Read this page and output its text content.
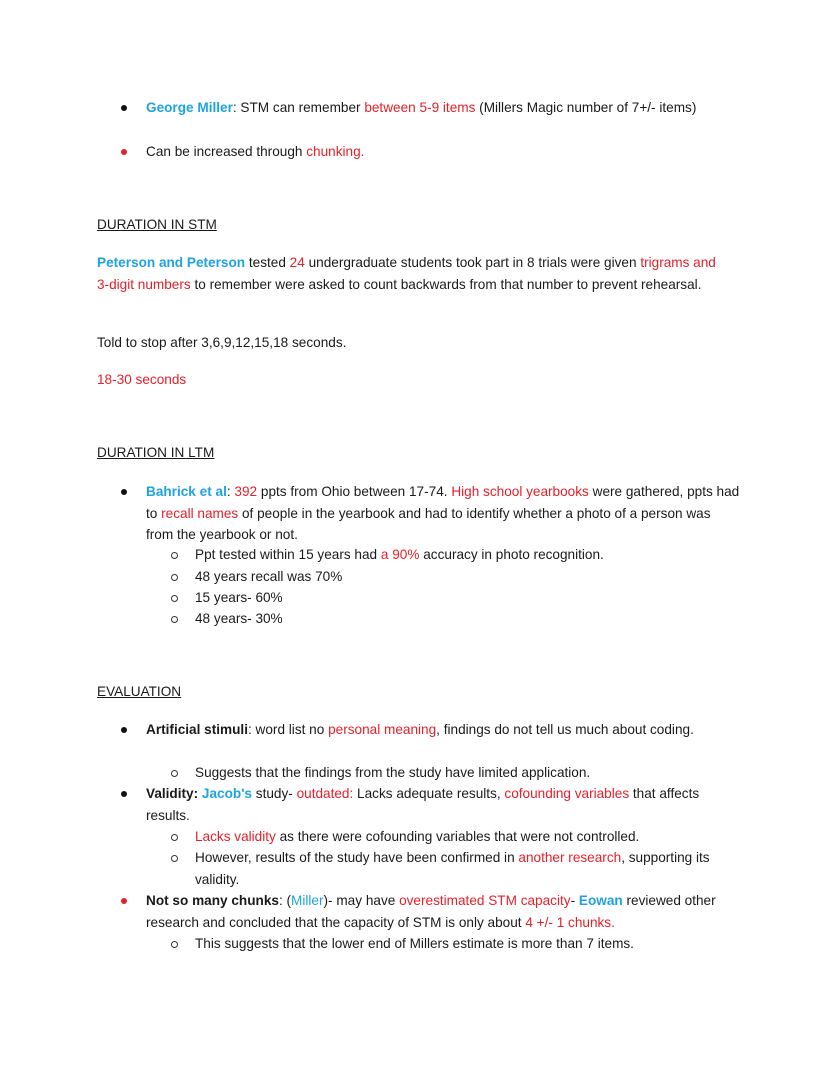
George Miller: STM can remember between 5-9 items (Millers Magic number of 7+/- items)
Can be increased through chunking.
DURATION IN STM
Peterson and Peterson tested 24 undergraduate students took part in 8 trials were given trigrams and 3-digit numbers to remember were asked to count backwards from that number to prevent rehearsal.
Told to stop after 3,6,9,12,15,18 seconds.
18-30 seconds
DURATION IN LTM
Bahrick et al: 392 ppts from Ohio between 17-74. High school yearbooks were gathered, ppts had to recall names of people in the yearbook and had to identify whether a photo of a person was from the yearbook or not.
Ppt tested within 15 years had a 90% accuracy in photo recognition.
48 years recall was 70%
15 years- 60%
48 years- 30%
EVALUATION
Artificial stimuli: word list no personal meaning, findings do not tell us much about coding.
Suggests that the findings from the study have limited application.
Validity: Jacob's study- outdated: Lacks adequate results, cofounding variables that affects results.
Lacks validity as there were cofounding variables that were not controlled.
However, results of the study have been confirmed in another research, supporting its validity.
Not so many chunks: (Miller)- may have overestimated STM capacity- Eowan reviewed other research and concluded that the capacity of STM is only about 4 +/- 1 chunks.
This suggests that the lower end of Millers estimate is more than 7 items.
